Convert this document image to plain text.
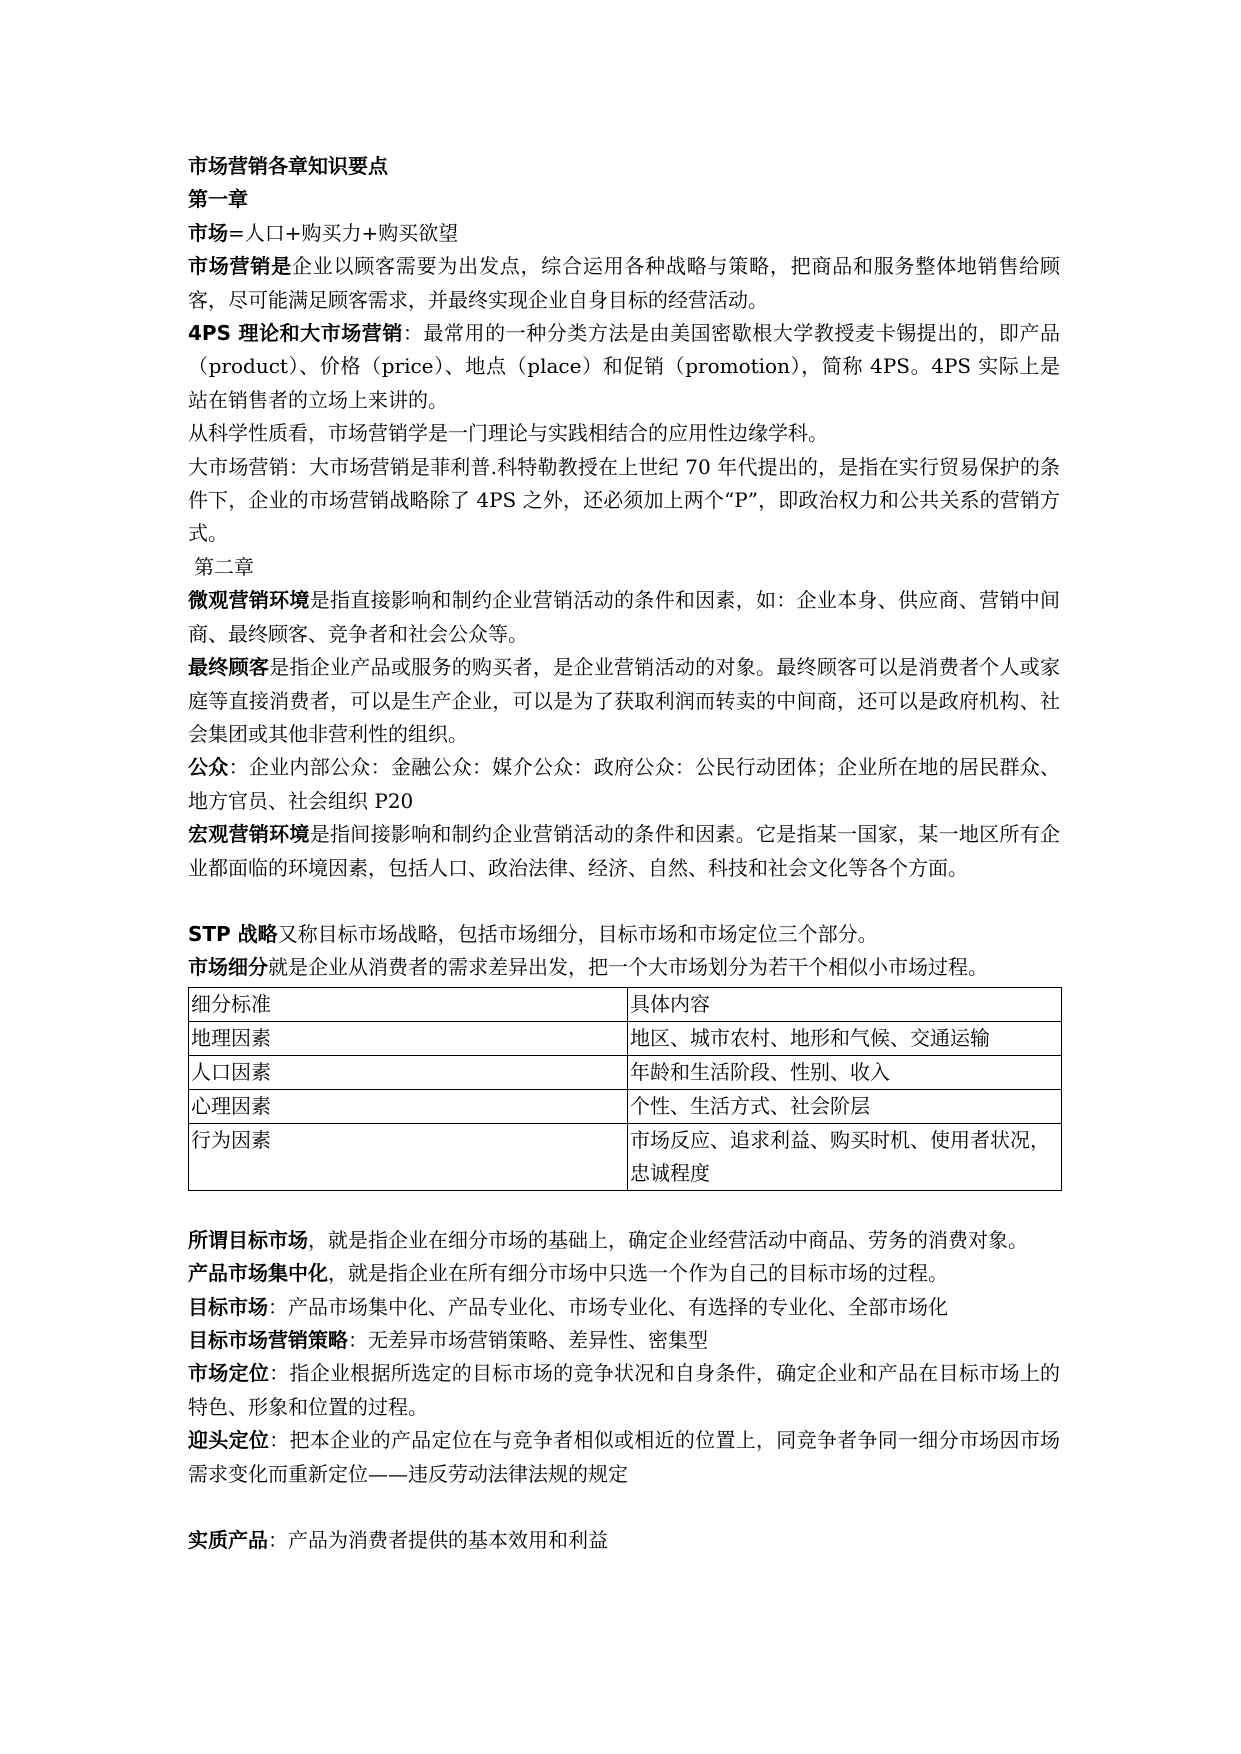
市场营销各章知识要点

第一章

市场=人口+购买力+购买欲望

市场营销是企业以顾客需要为出发点，综合运用各种战略与策略，把商品和服务整体地销售给顾客，尽可能满足顾客需求，并最终实现企业自身目标的经营活动。

4PS 理论和大市场营销：最常用的一种分类方法是由美国密歇根大学教授麦卡锡提出的，即产品（product）、价格（price）、地点（place）和促销（promotion），简称 4PS。4PS 实际上是站在销售者的立场上来讲的。

从科学性质看，市场营销学是一门理论与实践相结合的应用性边缘学科。

大市场营销：大市场营销是菲利普.科特勒教授在上世纪 70 年代提出的，是指在实行贸易保护的条件下，企业的市场营销战略除了 4PS 之外，还必须加上两个“P”，即政治权力和公共关系的营销方式。

第二章

微观营销环境是指直接影响和制约企业营销活动的条件和因素，如：企业本身、供应商、营销中间商、最终顾客、竞争者和社会公众等。

最终顾客是指企业产品或服务的购买者，是企业营销活动的对象。最终顾客可以是消费者个人或家庭等直接消费者，可以是生产企业，可以是为了获取利润而转卖的中间商，还可以是政府机构、社会集团或其他非营利性的组织。

公众：企业内部公众：金融公众：媒介公众：政府公众：公民行动团体；企业所在地的居民群众、地方官员、社会组织 P20

宏观营销环境是指间接影响和制约企业营销活动的条件和因素。它是指某一国家，某一地区所有企业都面临的环境因素，包括人口、政治法律、经济、自然、科技和社会文化等各个方面。

STP 战略又称目标市场战略，包括市场细分，目标市场和市场定位三个部分。

市场细分就是企业从消费者的需求差异出发，把一个大市场划分为若干个相似小市场过程。

细分标准	具体内容
地理因素	地区、城市农村、地形和气候、交通运输
人口因素	年龄和生活阶段、性别、收入
心理因素	个性、生活方式、社会阶层
行为因素	市场反应、追求利益、购买时机、使用者状况，忠诚程度

所谓目标市场，就是指企业在细分市场的基础上，确定企业经营活动中商品、劳务的消费对象。

产品市场集中化，就是指企业在所有细分市场中只选一个作为自己的目标市场的过程。

目标市场：产品市场集中化、产品专业化、市场专业化、有选择的专业化、全部市场化

目标市场营销策略：无差异市场营销策略、差异性、密集型

市场定位：指企业根据所选定的目标市场的竞争状况和自身条件，确定企业和产品在目标市场上的特色、形象和位置的过程。

迎头定位：把本企业的产品定位在与竞争者相似或相近的位置上，同竞争者争同一细分市场因市场需求变化而重新定位——违反劳动法律法规的规定

实质产品：产品为消费者提供的基本效用和利益
